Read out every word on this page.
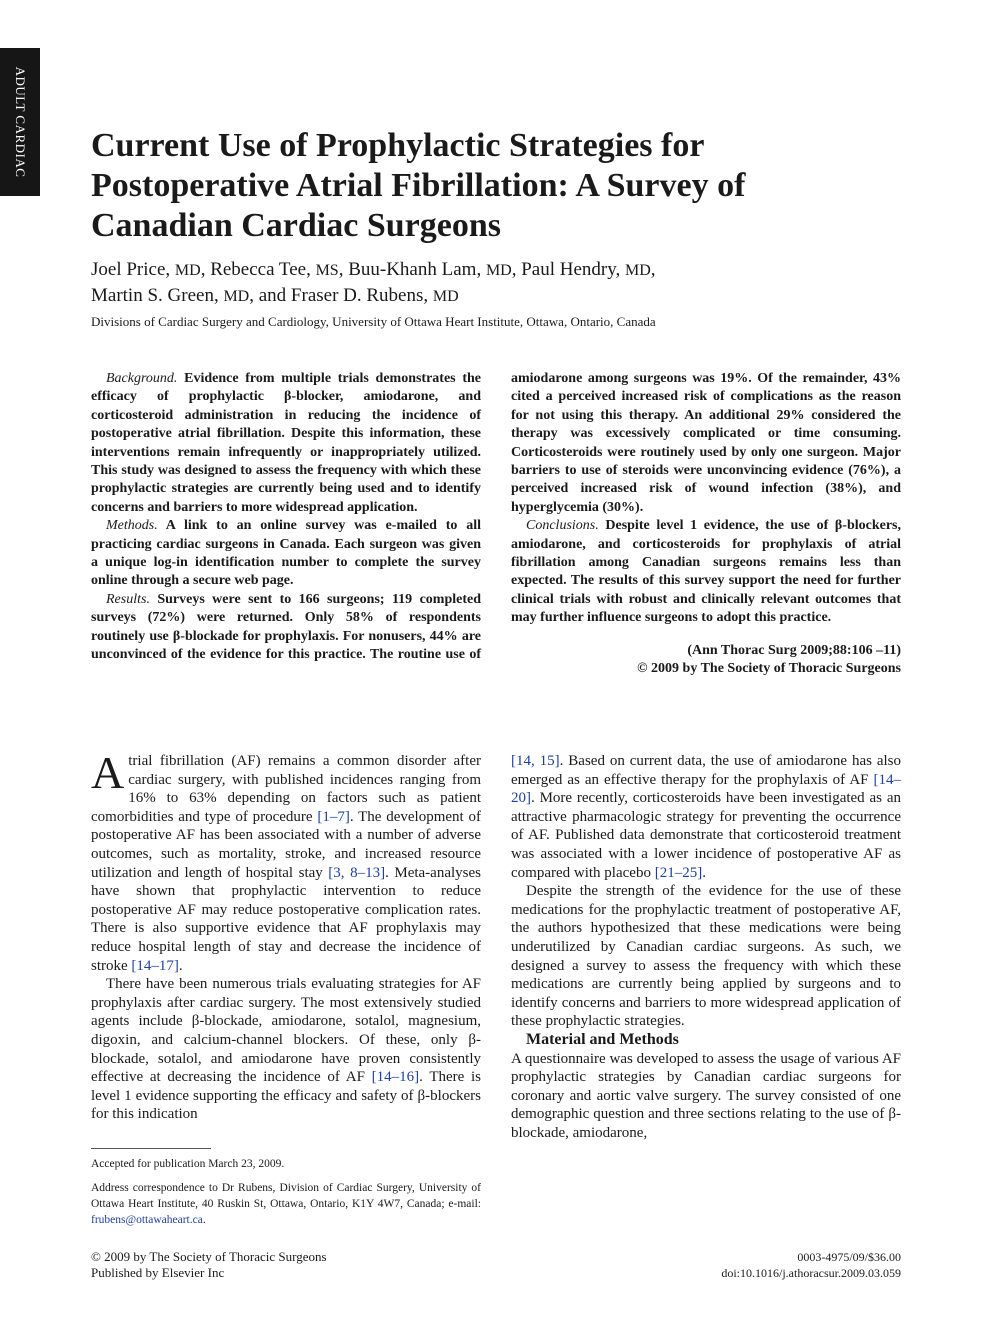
ADULT CARDIAC Current Use of Prophylactic Strategies for Postoperative Atrial Fibrillation: A Survey of Canadian Cardiac Surgeons

Joel Price, MD, Rebecca Tee, MS, Buu-Khanh Lam, MD, Paul Hendry, MD,
Martin S. Green, MD, and Fraser D. Rubens, MD

Divisions of Cardiac Surgery and Cardiology, University of Ottawa Heart Institute, Ottawa, Ontario, Canada

Background. Evidence from multiple trials demonstrates the efficacy of prophylactic β-blocker, amiodarone, and corticosteroid administration in reducing the incidence of postoperative atrial fibrillation. Despite this information, these interventions remain infrequently or inappropriately utilized. This study was designed to assess the frequency with which these prophylactic strategies are currently being used and to identify concerns and barriers to more widespread application.

Methods. A link to an online survey was e-mailed to all practicing cardiac surgeons in Canada. Each surgeon was given a unique log-in identification number to complete the survey online through a secure web page.

Results. Surveys were sent to 166 surgeons; 119 completed surveys (72%) were returned. Only 58% of respondents routinely use β-blockade for prophylaxis. For nonusers, 44% are unconvinced of the evidence for this practice. The routine use of amiodarone among surgeons was 19%. Of the remainder, 43% cited a perceived increased risk of complications as the reason for not using this therapy. An additional 29% considered the therapy was excessively complicated or time consuming. Corticosteroids were routinely used by only one surgeon. Major barriers to use of steroids were unconvincing evidence (76%), a perceived increased risk of wound infection (38%), and hyperglycemia (30%).

Conclusions. Despite level 1 evidence, the use of β-blockers, amiodarone, and corticosteroids for prophylaxis of atrial fibrillation among Canadian surgeons remains less than expected. The results of this survey support the need for further clinical trials with robust and clinically relevant outcomes that may further influence surgeons to adopt this practice.

(Ann Thorac Surg 2009;88:106 –11)
© 2009 by The Society of Thoracic Surgeons

Atrial fibrillation (AF) remains a common disorder after cardiac surgery, with published incidences ranging from 16% to 63% depending on factors such as patient comorbidities and type of procedure [1–7]. The development of postoperative AF has been associated with a number of adverse outcomes, such as mortality, stroke, and increased resource utilization and length of hospital stay [3, 8–13]. Meta-analyses have shown that prophylactic intervention to reduce postoperative AF may reduce postoperative complication rates. There is also supportive evidence that AF prophylaxis may reduce hospital length of stay and decrease the incidence of stroke [14–17].

There have been numerous trials evaluating strategies for AF prophylaxis after cardiac surgery. The most extensively studied agents include β-blockade, amiodarone, sotalol, magnesium, digoxin, and calcium-channel blockers. Of these, only β-blockade, sotalol, and amiodarone have proven consistently effective at decreasing the incidence of AF [14–16]. There is level 1 evidence supporting the efficacy and safety of β-blockers for this indication

[14, 15]. Based on current data, the use of amiodarone has also emerged as an effective therapy for the prophylaxis of AF [14–20]. More recently, corticosteroids have been investigated as an attractive pharmacologic strategy for preventing the occurrence of AF. Published data demonstrate that corticosteroid treatment was associated with a lower incidence of postoperative AF as compared with placebo [21–25].

Despite the strength of the evidence for the use of these medications for the prophylactic treatment of postoperative AF, the authors hypothesized that these medications were being underutilized by Canadian cardiac surgeons. As such, we designed a survey to assess the frequency with which these medications are currently being applied by surgeons and to identify concerns and barriers to more widespread application of these prophylactic strategies.

Material and Methods

A questionnaire was developed to assess the usage of various AF prophylactic strategies by Canadian cardiac surgeons for coronary and aortic valve surgery. The survey consisted of one demographic question and three sections relating to the use of β-blockade, amiodarone,

Accepted for publication March 23, 2009.

Address correspondence to Dr Rubens, Division of Cardiac Surgery, University of Ottawa Heart Institute, 40 Ruskin St, Ottawa, Ontario, K1Y 4W7, Canada; e-mail: frubens@ottawaheart.ca.

© 2009 by The Society of Thoracic Surgeons
Published by Elsevier Inc
0003-4975/09/$36.00
doi:10.1016/j.athoracsur.2009.03.059
